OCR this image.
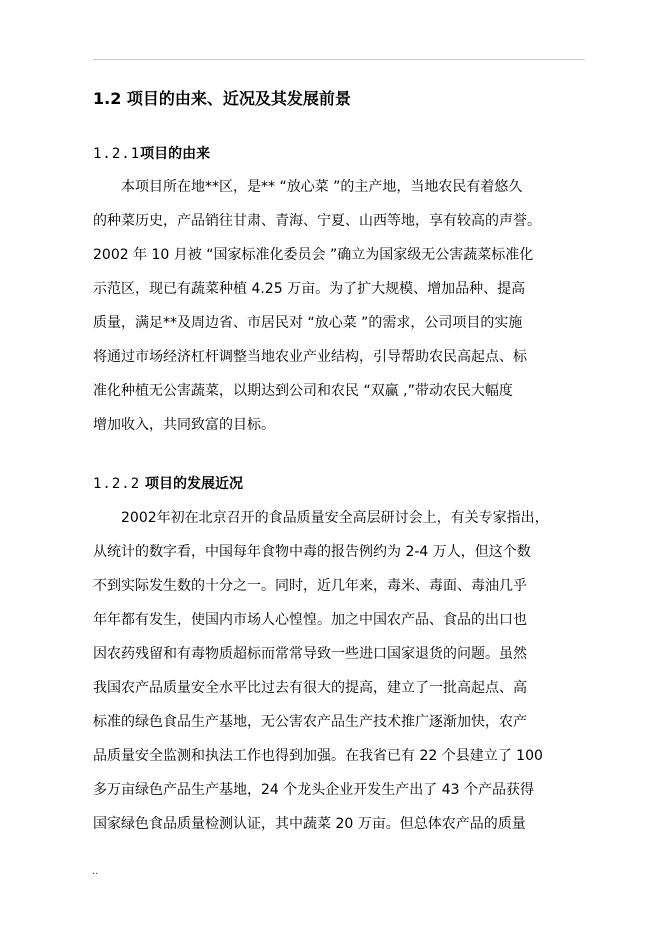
1.2 项目的由来、近况及其发展前景
1.2.1项目的由来
本项目所在地**区，是** “放心菜 ”的主产地，当地农民有着悠久
的种菜历史，产品销往甘肃、青海、宁夏、山西等地，享有较高的声誉。
2002 年 10 月被 “国家标准化委员会 ”确立为国家级无公害蔬菜标准化
示范区，现已有蔬菜种植 4.25 万亩。为了扩大规模、增加品种、提高
质量，满足**及周边省、市居民对 “放心菜 ”的需求，公司项目的实施
将通过市场经济杠杆调整当地农业产业结构，引导帮助农民高起点、标
准化种植无公害蔬菜，以期达到公司和农民 “双赢 ,”带动农民大幅度
增加收入，共同致富的目标。
1.2.2 项目的发展近况
2002年初在北京召开的食品质量安全高层研讨会上，有关专家指出，
从统计的数字看，中国每年食物中毒的报告例约为 2-4 万人，但这个数
不到实际发生数的十分之一。同时，近几年来，毒米、毒面、毒油几乎
年年都有发生，使国内市场人心惶惶。加之中国农产品、食品的出口也
因农药残留和有毒物质超标而常常导致一些进口国家退货的问题。虽然
我国农产品质量安全水平比过去有很大的提高，建立了一批高起点、高
标准的绿色食品生产基地，无公害农产品生产技术推广逐渐加快，农产
品质量安全监测和执法工作也得到加强。在我省已有 22 个县建立了 100
多万亩绿色产品生产基地，24 个龙头企业开发生产出了 43 个产品获得
国家绿色食品质量检测认证，其中蔬菜 20 万亩。但总体农产品的质量
..
